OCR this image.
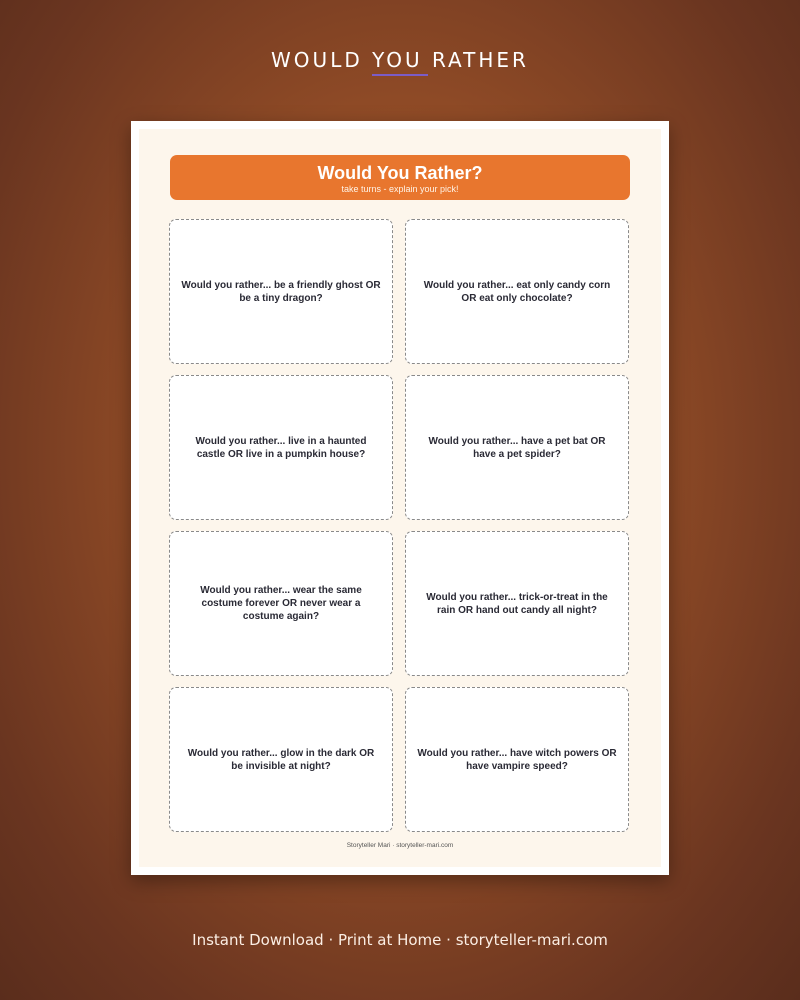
WOULD YOU RATHER
Would You Rather?
take turns - explain your pick!
Would you rather... be a friendly ghost OR be a tiny dragon?
Would you rather... eat only candy corn OR eat only chocolate?
Would you rather... live in a haunted castle OR live in a pumpkin house?
Would you rather... have a pet bat OR have a pet spider?
Would you rather... wear the same costume forever OR never wear a costume again?
Would you rather... trick-or-treat in the rain OR hand out candy all night?
Would you rather... glow in the dark OR be invisible at night?
Would you rather... have witch powers OR have vampire speed?
Storyteller Mari · storyteller-mari.com
Instant Download · Print at Home · storyteller-mari.com
